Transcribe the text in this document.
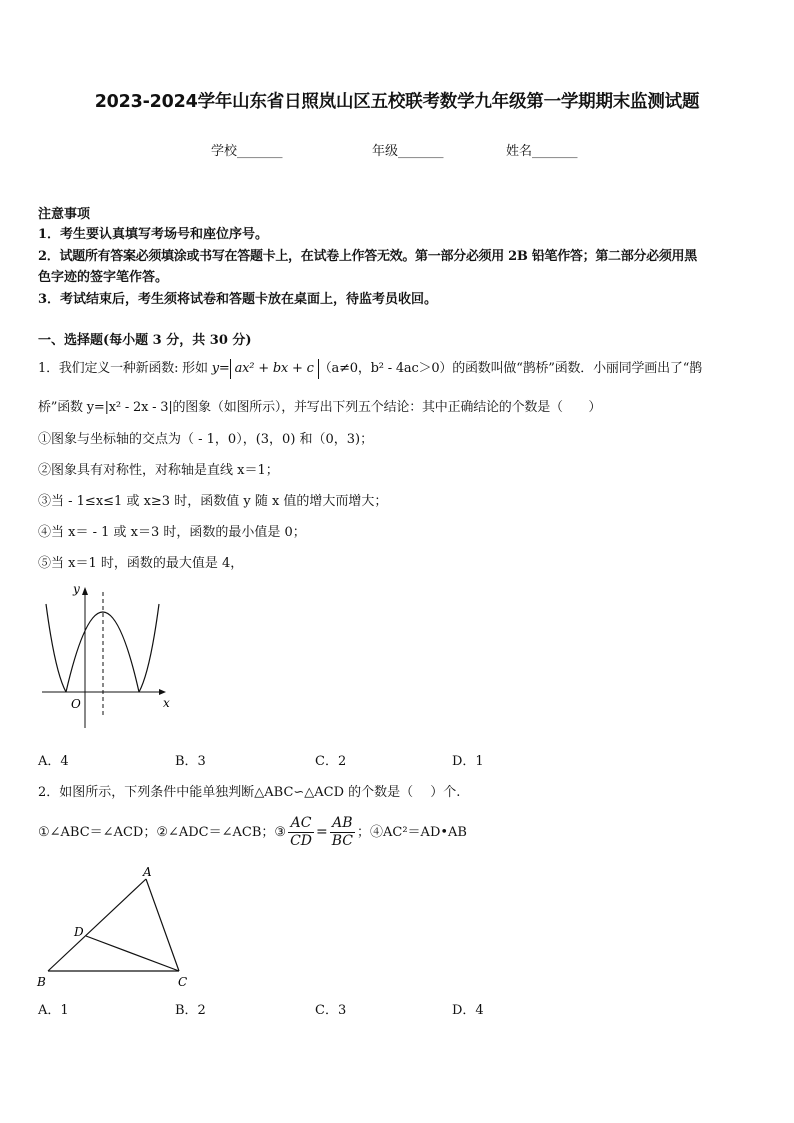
2023-2024学年山东省日照岚山区五校联考数学九年级第一学期期末监测试题
学校_______	年级_______	姓名_______
注意事项
1．考生要认真填写考场号和座位序号。
2．试题所有答案必须填涂或书写在答题卡上，在试卷上作答无效。第一部分必须用 2B 铅笔作答；第二部分必须用黑
色字迹的签字笔作答。
3．考试结束后，考生须将试卷和答题卡放在桌面上，待监考员收回。
一、选择题(每小题 3 分，共 30 分)
1．我们定义一种新函数: 形如 y= ax² + bx + c （a≠0，b² - 4ac＞0）的函数叫做“鹊桥”函数．小丽同学画出了“鹊
桥”函数 y=|x² - 2x - 3|的图象（如图所示），并写出下列五个结论：其中正确结论的个数是（　　）
①图象与坐标轴的交点为（ - 1，0），(3，0) 和（0，3)；
②图象具有对称性，对称轴是直线 x＝1；
③当 - 1≤x≤1 或 x≥3 时，函数值 y 随 x 值的增大而增大；
④当 x＝ - 1 或 x＝3 时，函数的最小值是 0；
⑤当 x＝1 时，函数的最大值是 4，
y
x
O
A．4	B．3	C．2	D．1
2．如图所示，下列条件中能单独判断△ABC∽△ACD 的个数是（　 ）个.
①∠ABC＝∠ACD；②∠ADC＝∠ACB；③ $\frac{AC}{CD} = \frac{AB}{BC}$ ；④AC²＝AD•AB
A
D
B	C
A．1	B．2	C．3	D．4
